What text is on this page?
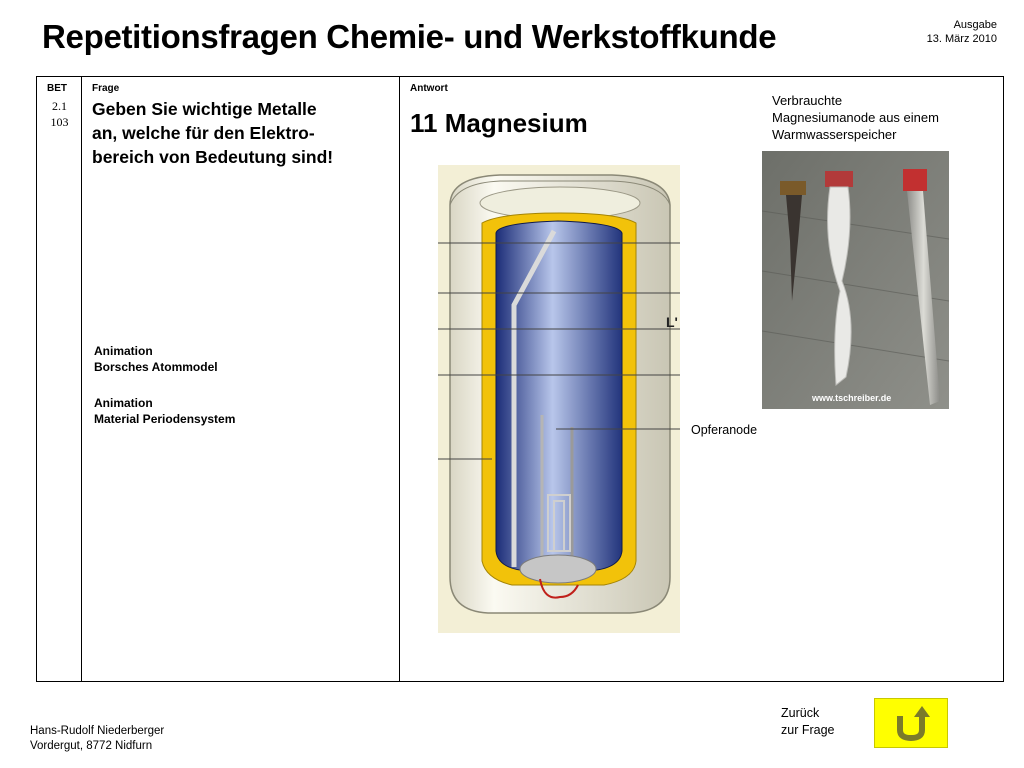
Repetitionsfragen Chemie- und Werkstoffkunde	Ausgabe
13. März 2010
BET
2.1
103
Frage
Geben Sie wichtige Metalle
an, welche für den Elektro-
bereich von Bedeutung sind!
Animation
Borsches Atommodel
Animation
Material Periodensystem
Antwort
11 Magnesium
L'
Verbrauchte
Magnesiumanode aus einem
Warmwasserspeicher
www.tschreiber.de
Opferanode
Hans-Rudolf Niederberger
Vordergut, 8772 Nidfurn
Zurück
zur Frage
